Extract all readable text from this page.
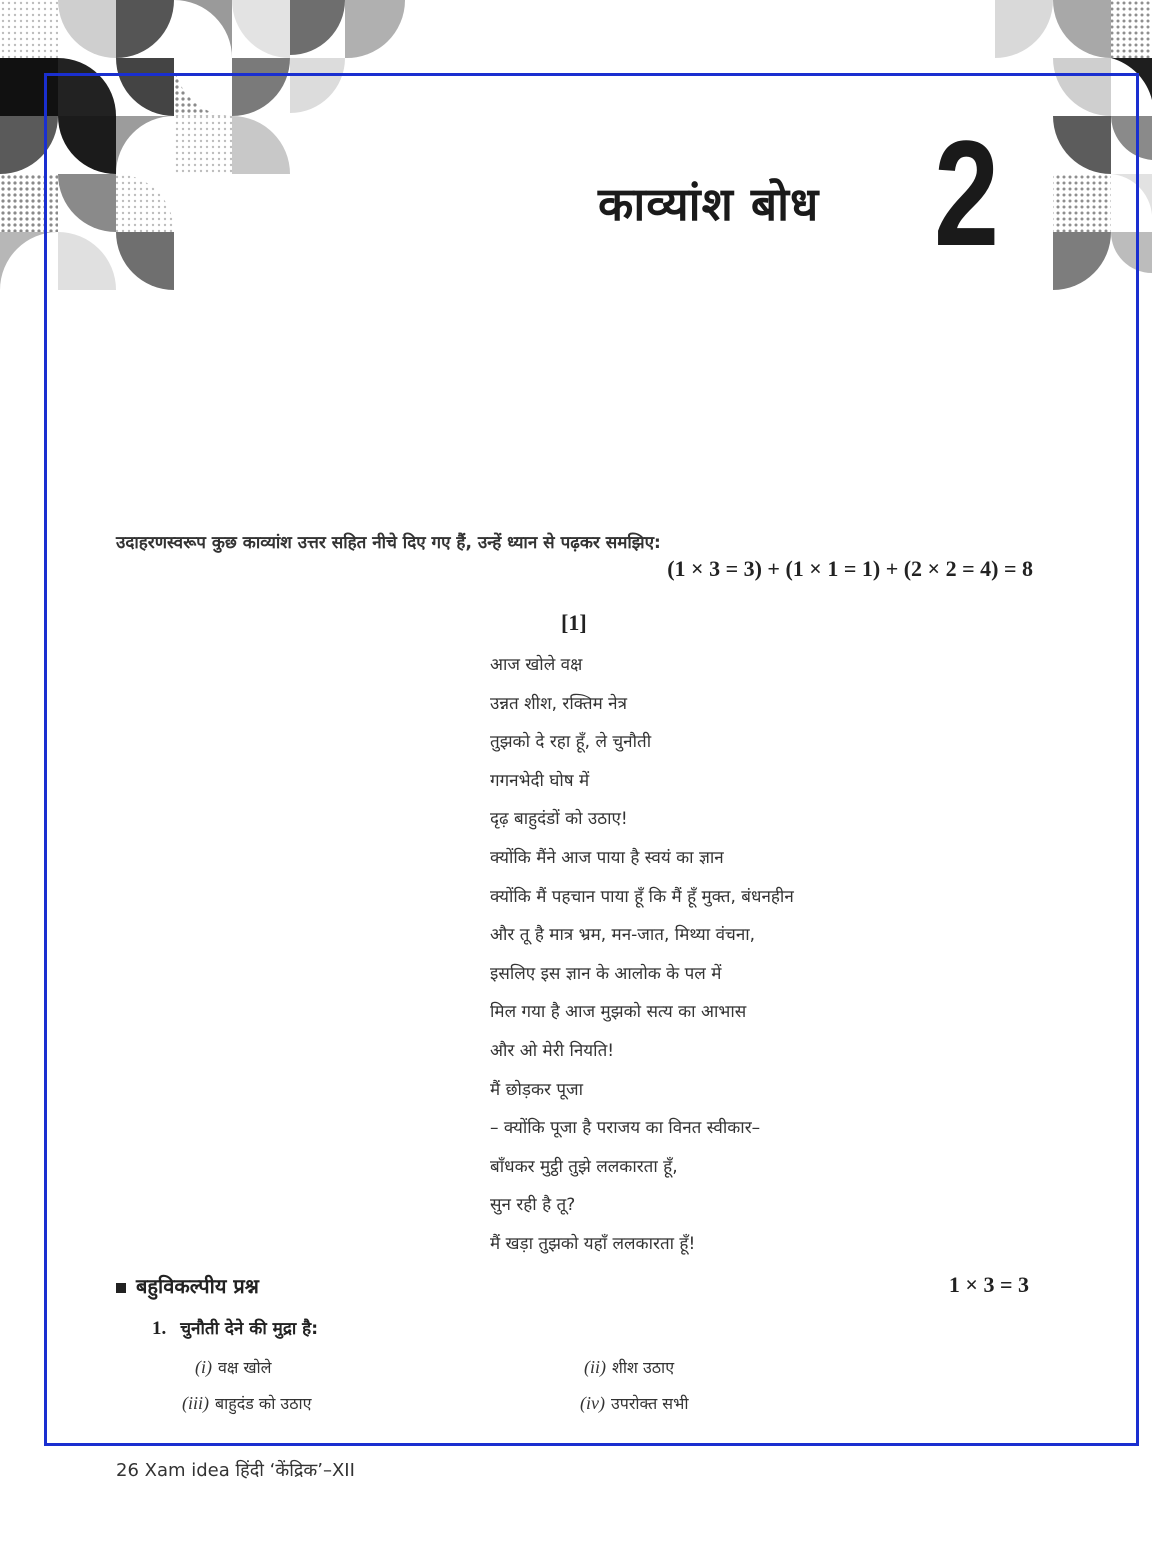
काव्यांश बोध 2
उदाहरणस्वरूप कुछ काव्यांश उत्तर सहित नीचे दिए गए हैं, उन्हें ध्यान से पढ़कर समझिए:
(1 × 3 = 3) + (1 × 1 = 1) + (2 × 2 = 4) = 8
[1]
आज खोले वक्ष
उन्नत शीश, रक्तिम नेत्र
तुझको दे रहा हूँ, ले चुनौती
गगनभेदी घोष में
दृढ़ बाहुदंडों को उठाए!
क्योंकि मैंने आज पाया है स्वयं का ज्ञान
क्योंकि मैं पहचान पाया हूँ कि मैं हूँ मुक्त, बंधनहीन
और तू है मात्र भ्रम, मन-जात, मिथ्या वंचना,
इसलिए इस ज्ञान के आलोक के पल में
मिल गया है आज मुझको सत्य का आभास
और ओ मेरी नियति!
मैं छोड़कर पूजा
– क्योंकि पूजा है पराजय का विनत स्वीकार–
बाँधकर मुट्ठी तुझे ललकारता हूँ,
सुन रही है तू?
मैं खड़ा तुझको यहाँ ललकारता हूँ!
बहुविकल्पीय प्रश्न	1 × 3 = 3
1. चुनौती देने की मुद्रा है:
(i) वक्ष खोले	(ii) शीश उठाए
(iii) बाहुदंड को उठाए	(iv) उपरोक्त सभी
26 Xam idea हिंदी ‘केंद्रिक’–XII
